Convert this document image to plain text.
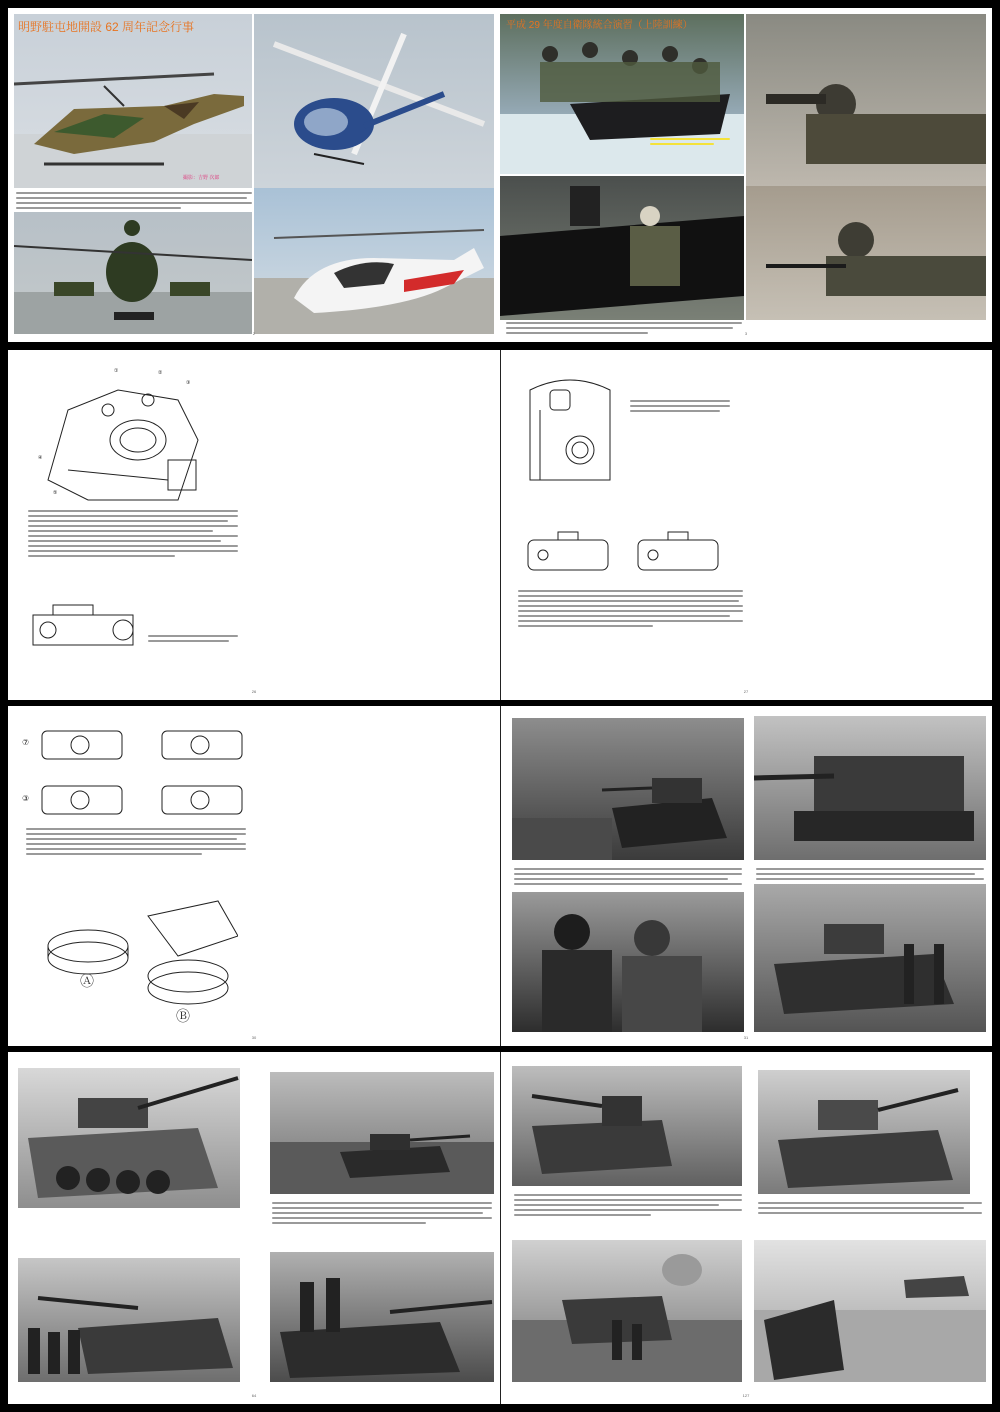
撮影：吉野 次郎
明野駐屯地開設 62 周年記念行事
2
平成 29 年度自衛隊統合演習（上陸訓練）
3
①	②
③
④
⑤
26	27
⑦
③
Ⓐ
Ⓑ
30	31
64	127
